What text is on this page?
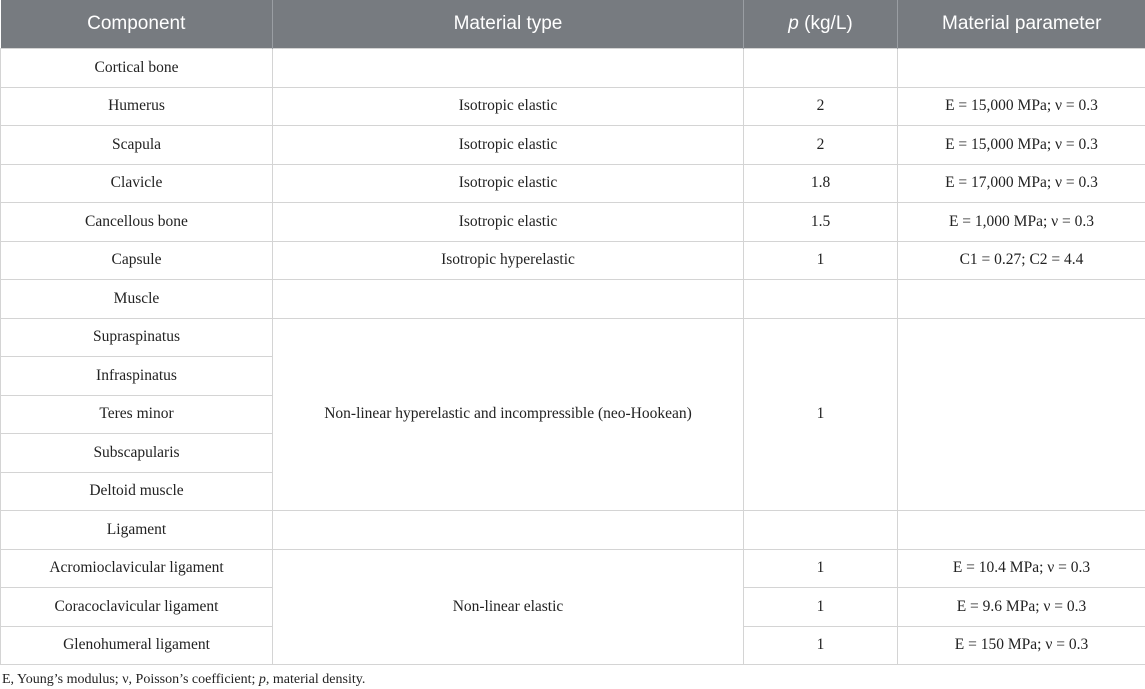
Component	Material type	p (kg/L)	Material parameter
Cortical bone			
Humerus	Isotropic elastic	2	E = 15,000 MPa; ν = 0.3
Scapula	Isotropic elastic	2	E = 15,000 MPa; ν = 0.3
Clavicle	Isotropic elastic	1.8	E = 17,000 MPa; ν = 0.3
Cancellous bone	Isotropic elastic	1.5	E = 1,000 MPa; ν = 0.3
Capsule	Isotropic hyperelastic	1	C1 = 0.27; C2 = 4.4
Muscle			
Supraspinatus	Non-linear hyperelastic and incompressible (neo-Hookean)	1	
Infraspinatus			
Teres minor			
Subscapularis			
Deltoid muscle			
Ligament			
Acromioclavicular ligament	Non-linear elastic	1	E = 10.4 MPa; ν = 0.3
Coracoclavicular ligament		1	E = 9.6 MPa; ν = 0.3
Glenohumeral ligament		1	E = 150 MPa; ν = 0.3
E, Young’s modulus; ν, Poisson’s coefficient; p, material density.
